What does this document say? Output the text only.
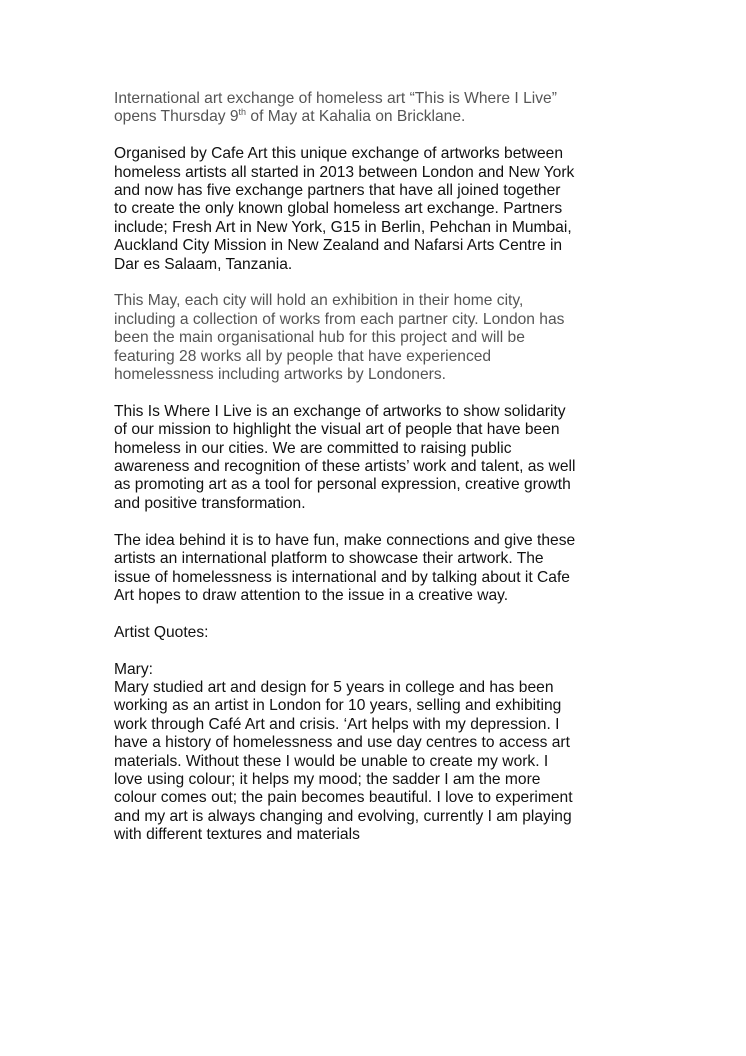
International art exchange of homeless art “This is Where I Live”
opens Thursday 9th of May at Kahalia on Bricklane.
Organised by Cafe Art this unique exchange of artworks between
homeless artists all started in 2013 between London and New York
and now has five exchange partners that have all joined together
to create the only known global homeless art exchange. Partners
include; Fresh Art in New York, G15 in Berlin, Pehchan in Mumbai,
Auckland City Mission in New Zealand and Nafarsi Arts Centre in
Dar es Salaam, Tanzania.
This May, each city will hold an exhibition in their home city,
including a collection of works from each partner city. London has
been the main organisational hub for this project and will be
featuring 28 works all by people that have experienced
homelessness including artworks by Londoners.
This Is Where I Live is an exchange of artworks to show solidarity
of our mission to highlight the visual art of people that have been
homeless in our cities. We are committed to raising public
awareness and recognition of these artists’ work and talent, as well
as promoting art as a tool for personal expression, creative growth
and positive transformation.
The idea behind it is to have fun, make connections and give these
artists an international platform to showcase their artwork. The
issue of homelessness is international and by talking about it Cafe
Art hopes to draw attention to the issue in a creative way.
Artist Quotes:
Mary:
Mary studied art and design for 5 years in college and has been
working as an artist in London for 10 years, selling and exhibiting
work through Café Art and crisis. ‘Art helps with my depression. I
have a history of homelessness and use day centres to access art
materials. Without these I would be unable to create my work. I
love using colour; it helps my mood; the sadder I am the more
colour comes out; the pain becomes beautiful. I love to experiment
and my art is always changing and evolving, currently I am playing
with different textures and materials
